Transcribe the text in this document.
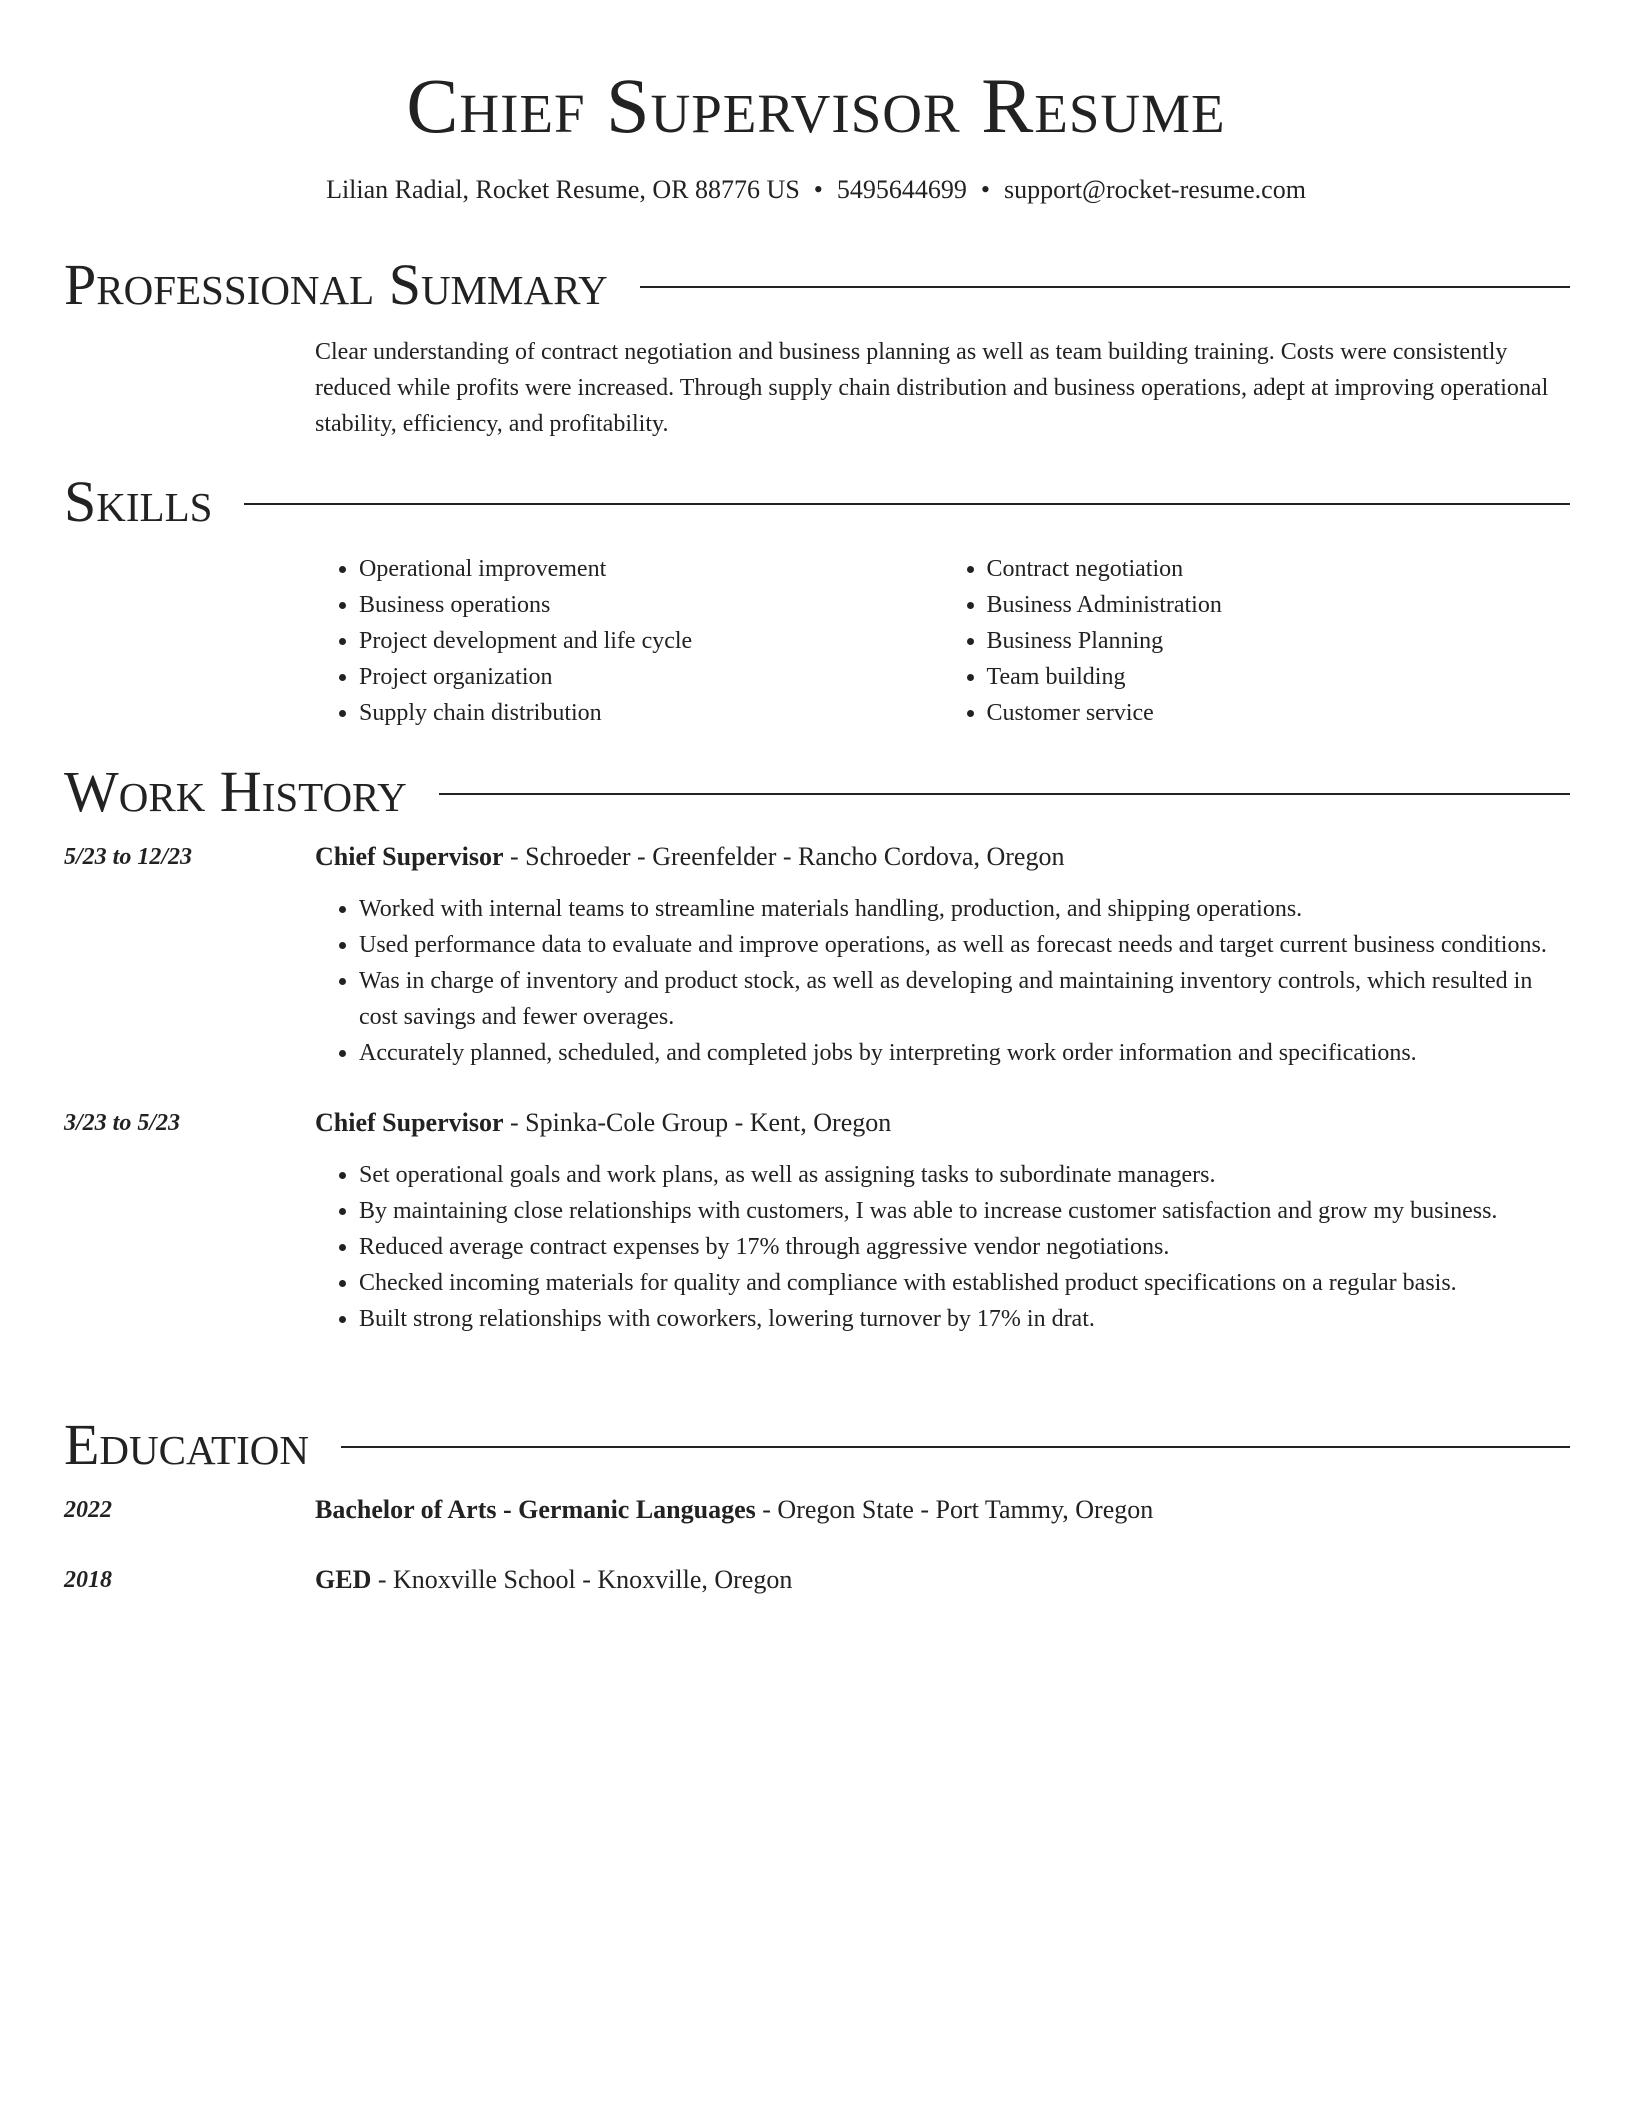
Chief Supervisor Resume
Lilian Radial, Rocket Resume, OR 88776 US • 5495644699 • support@rocket-resume.com
Professional Summary
Clear understanding of contract negotiation and business planning as well as team building training. Costs were consistently reduced while profits were increased. Through supply chain distribution and business operations, adept at improving operational stability, efficiency, and profitability.
Skills
• Operational improvement
• Business operations
• Project development and life cycle
• Project organization
• Supply chain distribution
• Contract negotiation
• Business Administration
• Business Planning
• Team building
• Customer service
Work History
5/23 to 12/23	Chief Supervisor - Schroeder - Greenfelder - Rancho Cordova, Oregon
• Worked with internal teams to streamline materials handling, production, and shipping operations.
• Used performance data to evaluate and improve operations, as well as forecast needs and target current business conditions.
• Was in charge of inventory and product stock, as well as developing and maintaining inventory controls, which resulted in cost savings and fewer overages.
• Accurately planned, scheduled, and completed jobs by interpreting work order information and specifications.
3/23 to 5/23	Chief Supervisor - Spinka-Cole Group - Kent, Oregon
• Set operational goals and work plans, as well as assigning tasks to subordinate managers.
• By maintaining close relationships with customers, I was able to increase customer satisfaction and grow my business.
• Reduced average contract expenses by 17% through aggressive vendor negotiations.
• Checked incoming materials for quality and compliance with established product specifications on a regular basis.
• Built strong relationships with coworkers, lowering turnover by 17% in drat.
Education
2022	Bachelor of Arts - Germanic Languages - Oregon State - Port Tammy, Oregon
2018	GED - Knoxville School - Knoxville, Oregon
